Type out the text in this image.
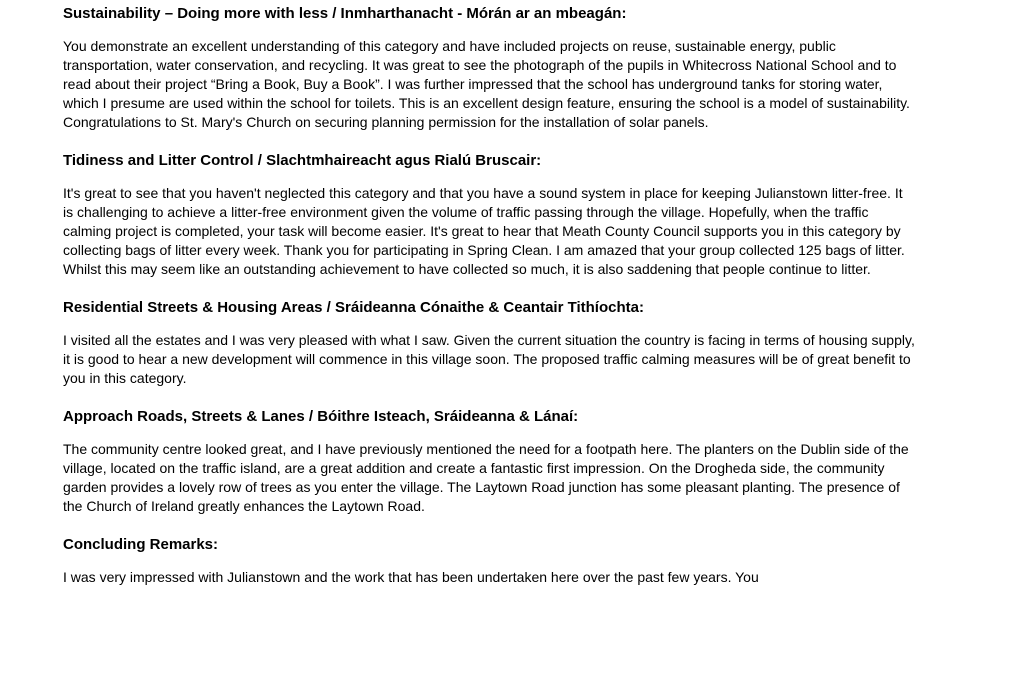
Sustainability – Doing more with less / Inmharthanacht - Mórán ar an mbeagán:

You demonstrate an excellent understanding of this category and have included projects on reuse, sustainable energy, public transportation, water conservation, and recycling. It was great to see the photograph of the pupils in Whitecross National School and to read about their project “Bring a Book, Buy a Book”. I was further impressed that the school has underground tanks for storing water, which I presume are used within the school for toilets. This is an excellent design feature, ensuring the school is a model of sustainability. Congratulations to St. Mary's Church on securing planning permission for the installation of solar panels.

Tidiness and Litter Control / Slachtmhaireacht agus Rialú Bruscair:

It's great to see that you haven't neglected this category and that you have a sound system in place for keeping Julianstown litter-free. It is challenging to achieve a litter-free environment given the volume of traffic passing through the village. Hopefully, when the traffic calming project is completed, your task will become easier. It's great to hear that Meath County Council supports you in this category by collecting bags of litter every week. Thank you for participating in Spring Clean. I am amazed that your group collected 125 bags of litter. Whilst this may seem like an outstanding achievement to have collected so much, it is also saddening that people continue to litter.

Residential Streets & Housing Areas / Sráideanna Cónaithe & Ceantair Tithíochta:

I visited all the estates and I was very pleased with what I saw. Given the current situation the country is facing in terms of housing supply, it is good to hear a new development will commence in this village soon. The proposed traffic calming measures will be of great benefit to you in this category.

Approach Roads, Streets & Lanes / Bóithre Isteach, Sráideanna & Lánaí:

The community centre looked great, and I have previously mentioned the need for a footpath here. The planters on the Dublin side of the village, located on the traffic island, are a great addition and create a fantastic first impression. On the Drogheda side, the community garden provides a lovely row of trees as you enter the village. The Laytown Road junction has some pleasant planting. The presence of the Church of Ireland greatly enhances the Laytown Road.

Concluding Remarks:

I was very impressed with Julianstown and the work that has been undertaken here over the past few years. You
